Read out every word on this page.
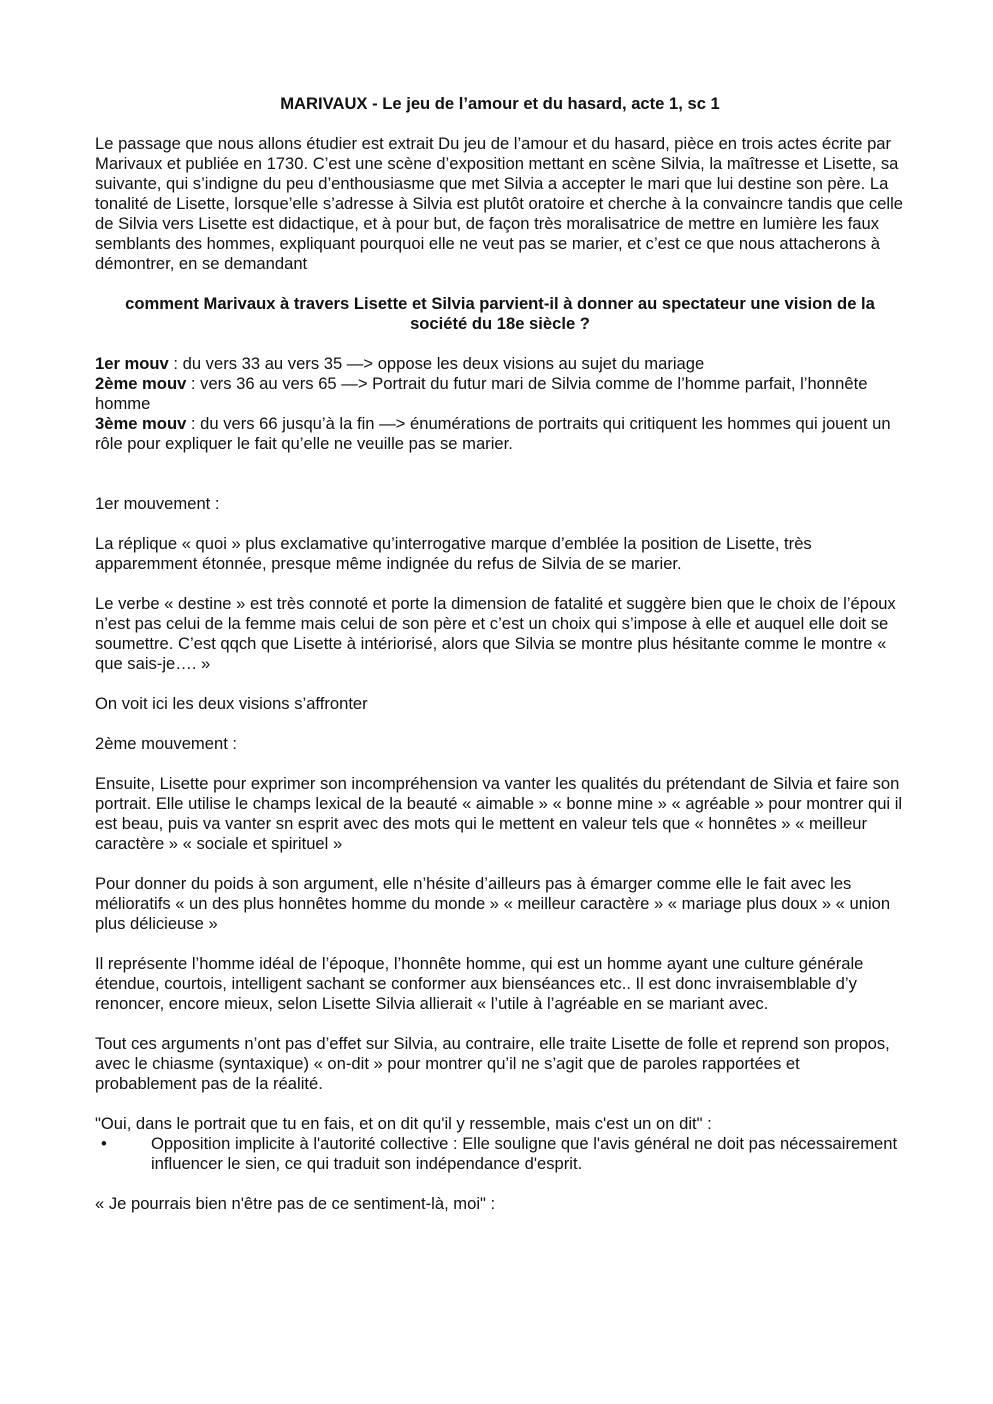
MARIVAUX - Le jeu de l’amour et du hasard, acte 1, sc 1

Le passage que nous allons étudier est extrait Du jeu de l’amour et du hasard, pièce en trois actes écrite par Marivaux et publiée en 1730. C’est une scène d’exposition mettant en scène Silvia, la maîtresse et Lisette, sa suivante, qui s’indigne du peu d’enthousiasme que met Silvia a accepter le mari que lui destine son père. La tonalité de Lisette, lorsque’elle s’adresse à Silvia est plutôt oratoire et cherche à la convaincre tandis que celle de Silvia vers Lisette est didactique, et à pour but, de façon très moralisatrice de mettre en lumière les faux semblants des hommes, expliquant pourquoi elle ne veut pas se marier, et c’est ce que nous attacherons à démontrer, en se demandant

comment Marivaux à travers Lisette et Silvia parvient-il à donner au spectateur une vision de la société du 18e siècle ?

1er mouv : du vers 33 au vers 35 —> oppose les deux visions au sujet du mariage

2ème mouv : vers 36 au vers 65 —> Portrait du futur mari de Silvia comme de l’homme parfait, l’honnête homme

3ème mouv : du vers 66 jusqu’à la fin —> énumérations de portraits qui critiquent les hommes qui jouent un rôle pour expliquer le fait qu’elle ne veuille pas se marier.

1er mouvement :

La réplique « quoi » plus exclamative qu’interrogative marque d’emblée la position de Lisette, très apparemment étonnée, presque même indignée du refus de Silvia de se marier.

Le verbe « destine » est très connoté et porte la dimension de fatalité et suggère bien que le choix de l’époux n’est pas celui de la femme mais celui de son père et c’est un choix qui s’impose à elle et auquel elle doit se soumettre. C’est qqch que Lisette à intériorisé, alors que Silvia se montre plus hésitante comme le montre « que sais-je…. »

On voit ici les deux visions s’affronter

2ème mouvement :

Ensuite, Lisette pour exprimer son incompréhension va vanter les qualités du prétendant de Silvia et faire son portrait. Elle utilise le champs lexical de la beauté « aimable » « bonne mine » « agréable » pour montrer qui il est beau, puis va vanter sn esprit avec des mots qui le mettent en valeur tels que « honnêtes » « meilleur caractère » « sociale et spirituel »

Pour donner du poids à son argument, elle n’hésite d’ailleurs pas à émarger comme elle le fait avec les mélioratifs « un des plus honnêtes homme du monde » « meilleur caractère » « mariage plus doux » « union plus délicieuse »

Il représente l’homme idéal de l’époque, l’honnête homme, qui est un homme ayant une culture générale étendue, courtois, intelligent sachant se conformer aux bienséances etc.. Il est donc invraisemblable d’y renoncer, encore mieux, selon Lisette Silvia allierait « l’utile à l’agréable en se mariant avec.

Tout ces arguments n’ont pas d’effet sur Silvia, au contraire, elle traite Lisette de folle et reprend son propos, avec le chiasme (syntaxique) « on-dit » pour montrer qu’il ne s’agit que de paroles rapportées et probablement pas de la réalité.

"Oui, dans le portrait que tu en fais, et on dit qu'il y ressemble, mais c'est un on dit" :

•	Opposition implicite à l'autorité collective : Elle souligne que l'avis général ne doit pas nécessairement influencer le sien, ce qui traduit son indépendance d'esprit.

« Je pourrais bien n'être pas de ce sentiment-là, moi" :
